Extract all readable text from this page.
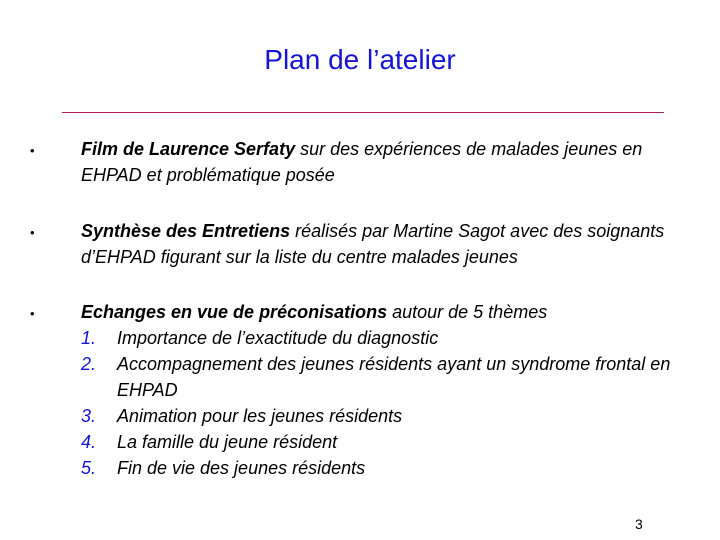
Plan de l’atelier
•	Film de Laurence Serfaty sur des expériences de malades jeunes en EHPAD et problématique posée
•	Synthèse des Entretiens réalisés par Martine Sagot avec des soignants d’EHPAD figurant sur la liste du centre malades jeunes
•	Echanges en vue de préconisations autour de 5 thèmes
1. Importance de l’exactitude du diagnostic
2. Accompagnement des jeunes résidents ayant un syndrome frontal en EHPAD
3. Animation pour les jeunes résidents
4. La famille du jeune résident
5. Fin de vie des jeunes résidents
3
